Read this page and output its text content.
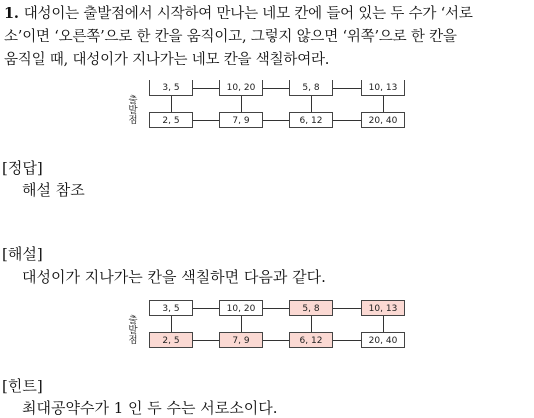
1. 대성이는 출발점에서 시작하여 만나는 네모 칸에 들어 있는 두 수가 ‘서로
소’이면 ‘오른쪽’으로 한 칸을 움직이고, 그렇지 않으면 ‘위쪽’으로 한 칸을
움직일 때, 대성이가 지나가는 네모 칸을 색칠하여라.
3, 5	10, 20	5, 8	10, 13
2, 5	7, 9	6, 12	20, 40
출
발
점
[정답]
해설 참조
[해설]
대성이가 지나가는 칸을 색칠하면 다음과 같다.
3, 5	10, 20	5, 8	10, 13
2, 5	7, 9	6, 12	20, 40
출
발
점
[힌트]
최대공약수가 1 인 두 수는 서로소이다.
